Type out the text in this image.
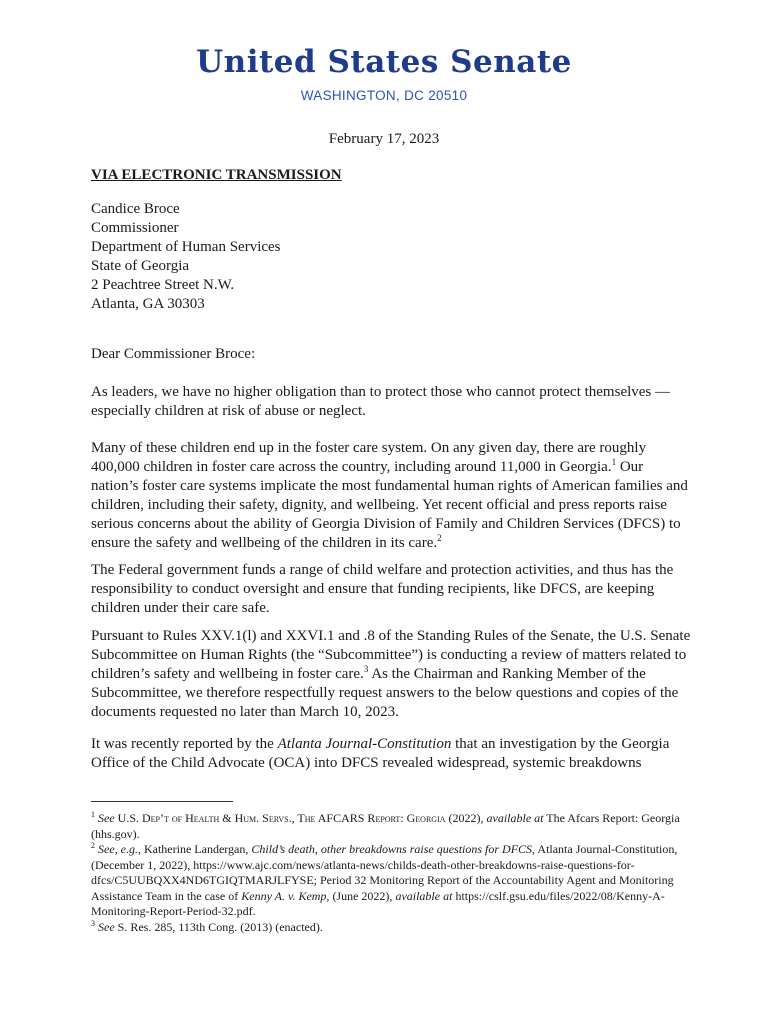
United States Senate
WASHINGTON, DC 20510
February 17, 2023
VIA ELECTRONIC TRANSMISSION
Candice Broce
Commissioner
Department of Human Services
State of Georgia
2 Peachtree Street N.W.
Atlanta, GA 30303
Dear Commissioner Broce:
As leaders, we have no higher obligation than to protect those who cannot protect themselves — especially children at risk of abuse or neglect.
Many of these children end up in the foster care system. On any given day, there are roughly 400,000 children in foster care across the country, including around 11,000 in Georgia.$^1$ Our nation’s foster care systems implicate the most fundamental human rights of American families and children, including their safety, dignity, and wellbeing. Yet recent official and press reports raise serious concerns about the ability of Georgia Division of Family and Children Services (DFCS) to ensure the safety and wellbeing of the children in its care.$^2$
The Federal government funds a range of child welfare and protection activities, and thus has the responsibility to conduct oversight and ensure that funding recipients, like DFCS, are keeping children under their care safe.
Pursuant to Rules XXV.1(l) and XXVI.1 and .8 of the Standing Rules of the Senate, the U.S. Senate Subcommittee on Human Rights (the “Subcommittee”) is conducting a review of matters related to children’s safety and wellbeing in foster care.$^3$ As the Chairman and Ranking Member of the Subcommittee, we therefore respectfully request answers to the below questions and copies of the documents requested no later than March 10, 2023.
It was recently reported by the Atlanta Journal-Constitution that an investigation by the Georgia Office of the Child Advocate (OCA) into DFCS revealed widespread, systemic breakdowns

$^1$ See U.S. Dep’t of Health & Hum. Servs., The AFCARS Report: Georgia (2022), available at The Afcars Report: Georgia (hhs.gov).

$^2$ See, e.g., Katherine Landergan, Child’s death, other breakdowns raise questions for DFCS, Atlanta Journal-Constitution, (December 1, 2022), https://www.ajc.com/news/atlanta-news/childs-death-other-breakdowns-raise-questions-for-dfcs/C5UUBQXX4ND6TGIQTMARJLFYSE; Period 32 Monitoring Report of the Accountability Agent and Monitoring Assistance Team in the case of Kenny A. v. Kemp, (June 2022), available at https://cslf.gsu.edu/files/2022/08/Kenny-A-Monitoring-Report-Period-32.pdf.

$^3$ See S. Res. 285, 113th Cong. (2013) (enacted).
